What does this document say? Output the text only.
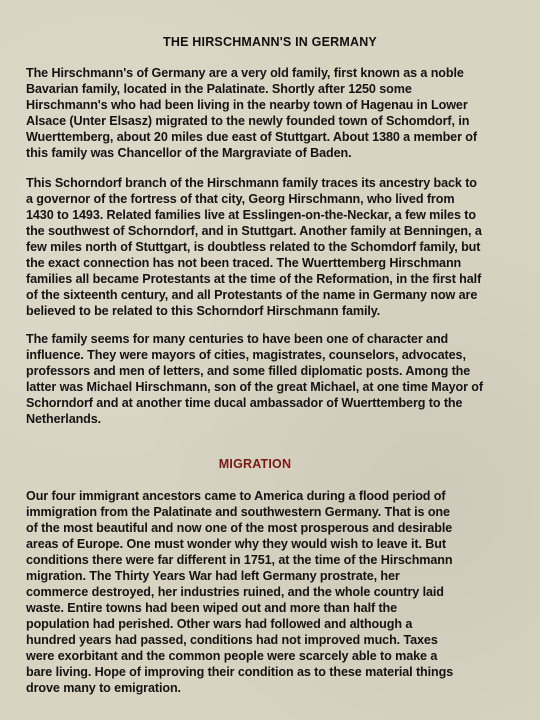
THE HIRSCHMANN'S IN GERMANY

The Hirschmann's of Germany are a very old family, first known as a noble
Bavarian family, located in the Palatinate. Shortly after 1250 some
Hirschmann's who had been living in the nearby town of Hagenau in Lower
Alsace (Unter Elsasz) migrated to the newly founded town of Schomdorf, in
Wuerttemberg, about 20 miles due east of Stuttgart. About 1380 a member of
this family was Chancellor of the Margraviate of Baden.

This Schorndorf branch of the Hirschmann family traces its ancestry back to
a governor of the fortress of that city, Georg Hirschmann, who lived from
1430 to 1493. Related families live at Esslingen-on-the-Neckar, a few miles to
the southwest of Schorndorf, and in Stuttgart. Another family at Benningen, a
few miles north of Stuttgart, is doubtless related to the Schomdorf family, but
the exact connection has not been traced. The Wuerttemberg Hirschmann
families all became Protestants at the time of the Reformation, in the first half
of the sixteenth century, and all Protestants of the name in Germany now are
believed to be related to this Schorndorf Hirschmann family.

The family seems for many centuries to have been one of character and
influence. They were mayors of cities, magistrates, counselors, advocates,
professors and men of letters, and some filled diplomatic posts. Among the
latter was Michael Hirschmann, son of the great Michael, at one time Mayor of
Schorndorf and at another time ducal ambassador of Wuerttemberg to the
Netherlands.

MIGRATION

Our four immigrant ancestors came to America during a flood period of
immigration from the Palatinate and southwestern Germany. That is one
of the most beautiful and now one of the most prosperous and desirable
areas of Europe. One must wonder why they would wish to leave it. But
conditions there were far different in 1751, at the time of the Hirschmann
migration. The Thirty Years War had left Germany prostrate, her
commerce destroyed, her industries ruined, and the whole country laid
waste. Entire towns had been wiped out and more than half the
population had perished. Other wars had followed and although a
hundred years had passed, conditions had not improved much. Taxes
were exorbitant and the common people were scarcely able to make a
bare living. Hope of improving their condition as to these material things
drove many to emigration.
